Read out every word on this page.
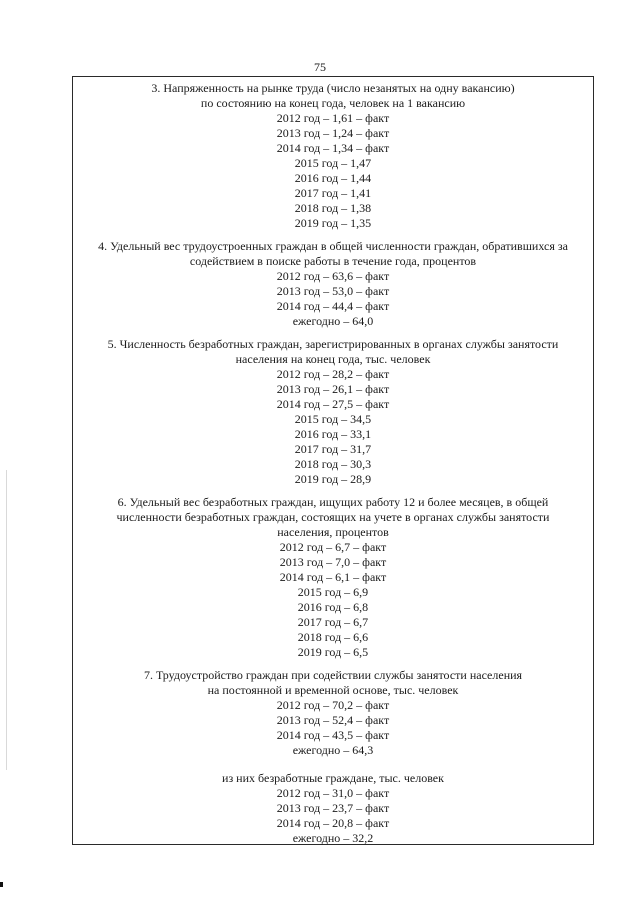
75

3. Напряженность на рынке труда (число незанятых на одну вакансию)
по состоянию на конец года, человек на 1 вакансию

2012 год – 1,61 – факт
2013 год – 1,24 – факт
2014 год – 1,34 – факт
2015 год – 1,47
2016 год – 1,44
2017 год – 1,41
2018 год – 1,38
2019 год – 1,35

4. Удельный вес трудоустроенных граждан в общей численности граждан, обратившихся за
содействием в поиске работы в течение года, процентов

2012 год – 63,6 – факт
2013 год – 53,0 – факт
2014 год – 44,4 – факт
ежегодно – 64,0

5. Численность безработных граждан, зарегистрированных в органах службы занятости
населения на конец года, тыс. человек

2012 год – 28,2 – факт
2013 год – 26,1 – факт
2014 год – 27,5 – факт
2015 год – 34,5
2016 год – 33,1
2017 год – 31,7
2018 год – 30,3
2019 год – 28,9

6. Удельный вес безработных граждан, ищущих работу 12 и более месяцев, в общей
численности безработных граждан, состоящих на учете в органах службы занятости
населения, процентов

2012 год – 6,7 – факт
2013 год – 7,0 – факт
2014 год – 6,1 – факт
2015 год – 6,9
2016 год – 6,8
2017 год – 6,7
2018 год – 6,6
2019 год – 6,5

7. Трудоустройство граждан при содействии службы занятости населения
на постоянной и временной основе, тыс. человек

2012 год – 70,2 – факт
2013 год – 52,4 – факт
2014 год – 43,5 – факт
ежегодно – 64,3

из них безработные граждане, тыс. человек

2012 год – 31,0 – факт
2013 год – 23,7 – факт
2014 год – 20,8 – факт
ежегодно – 32,2
